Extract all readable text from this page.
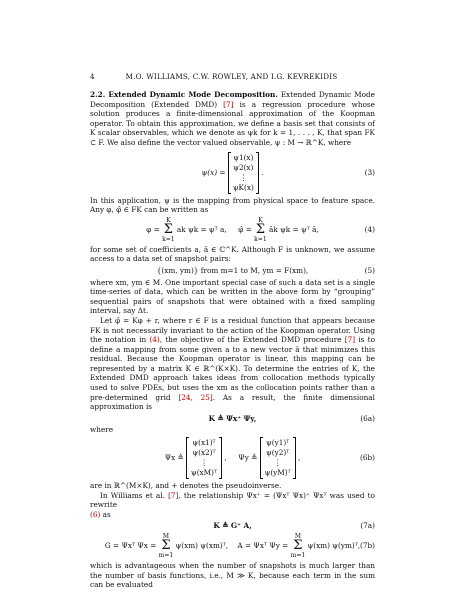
4	M.O. WILLIAMS, C.W. ROWLEY, AND I.G. KEVREKIDIS

2.2. Extended Dynamic Mode Decomposition. Extended Dynamic Mode Decomposition (Extended DMD) [7] is a regression procedure whose solution produces a finite-dimensional approximation of the Koopman operator. To obtain this approximation, we define a basis set that consists of K scalar observables, which we denote as ψk for k = 1, . . . , K, that span FK ⊂ F. We also define the vector valued observable, ψ : M → ℝ^K, where

ψ(x) =
ψ1(x)
ψ2(x)
⋮
ψK(x)
.	(3)

In this application, ψ is the mapping from physical space to feature space. Any φ, φ̂ ∈ FK can be written as

φ = K
Σ
k=1 ak ψk = ψᵀ a, φ̂ = K
Σ
k=1 âk ψk = ψᵀ â,	(4)

for some set of coefficients a, â ∈ ℂ^K. Although F is unknown, we assume access to a data set of snapshot pairs:

{(xm, ym)} from m=1 to M, ym = F(xm),	(5)

where xm, ym ∈ M. One important special case of such a data set is a single time-series of data, which can be written in the above form by “grouping” sequential pairs of snapshots that were obtained with a fixed sampling interval, say Δt.

Let φ̂ = Kφ + r, where r ∈ F is a residual function that appears because FK is not necessarily invariant to the action of the Koopman operator. Using the notation in (4), the objective of the Extended DMD procedure [7] is to define a mapping from some given a to a new vector â that minimizes this residual. Because the Koopman operator is linear, this mapping can be represented by a matrix K ∈ ℝ^(K×K). To determine the entries of K, the Extended DMD approach takes ideas from collocation methods typically used to solve PDEs, but uses the xm as the collocation points rather than a pre-determined grid [24, 25]. As a result, the finite dimensional approximation is

K ≜ Ψx⁺ Ψy,	(6a)

where

Ψx ≜
ψ(x1)ᵀ
ψ(x2)ᵀ
⋮
ψ(xM)ᵀ
,     Ψy ≜
ψ(y1)ᵀ
ψ(y2)ᵀ
⋮
ψ(yM)ᵀ
,	(6b)

are in ℝ^(M×K), and + denotes the pseudoinverse.

In Williams et al. [7], the relationship Ψx⁺ = (Ψxᵀ Ψx)⁺ Ψxᵀ was used to rewrite

(6) as

K ≜ G⁺ A,	(7a)
G = Ψxᵀ Ψx = M
Σ
m=1 ψ(xm) ψ(xm)ᵀ, A = Ψxᵀ Ψy = M
Σ
m=1 ψ(xm) ψ(ym)ᵀ, (7b)

which is advantageous when the number of snapshots is much larger than the number of basis functions, i.e., M ≫ K, because each term in the sum can be evaluated
